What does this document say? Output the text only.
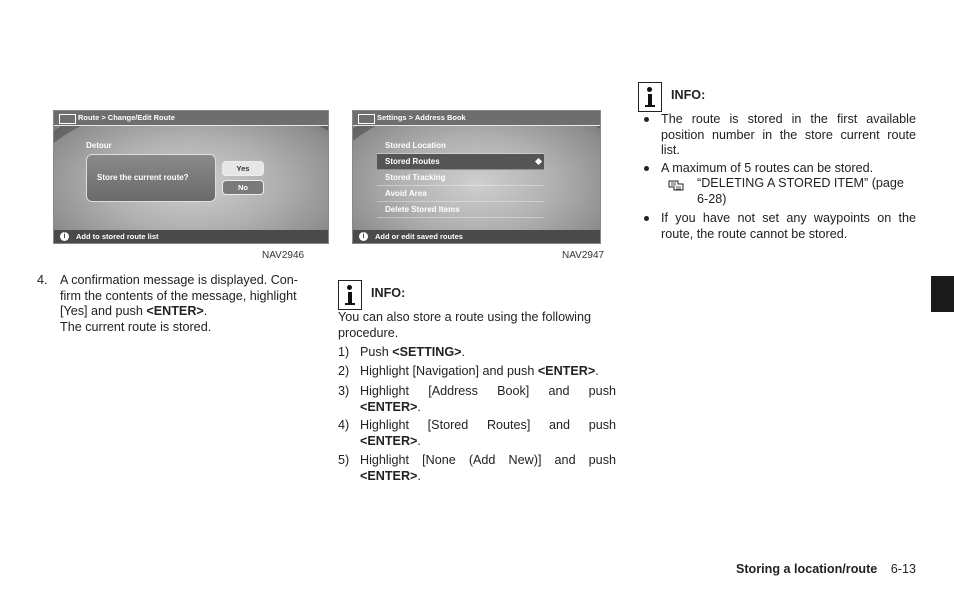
Route > Change/Edit Route
Detour
Store the current route?
Yes
No
i	Add to stored route list
NAV2946
Settings > Address Book
Stored Location
Stored Routes
Stored Tracking
Avoid Area
Delete Stored Items
i	Add or edit saved routes
NAV2947
4. A confirmation message is displayed. Con-
firm the contents of the message, highlight
[Yes] and push <ENTER>.
The current route is stored.
INFO:
You can also store a route using the following
procedure.
1) Push <SETTING>.
2) Highlight [Navigation] and push <ENTER>.
3) Highlight [Address Book] and push
<ENTER>.
4) Highlight [Stored Routes] and push
<ENTER>.
5) Highlight [None (Add New)] and push
<ENTER>.
INFO:
The route is stored in the first available
position number in the store current route
list.
A maximum of 5 routes can be stored.
“DELETING A STORED ITEM” (page
6-28)
If you have not set any waypoints on the
route, the route cannot be stored.
Storing a location/route 6-13
